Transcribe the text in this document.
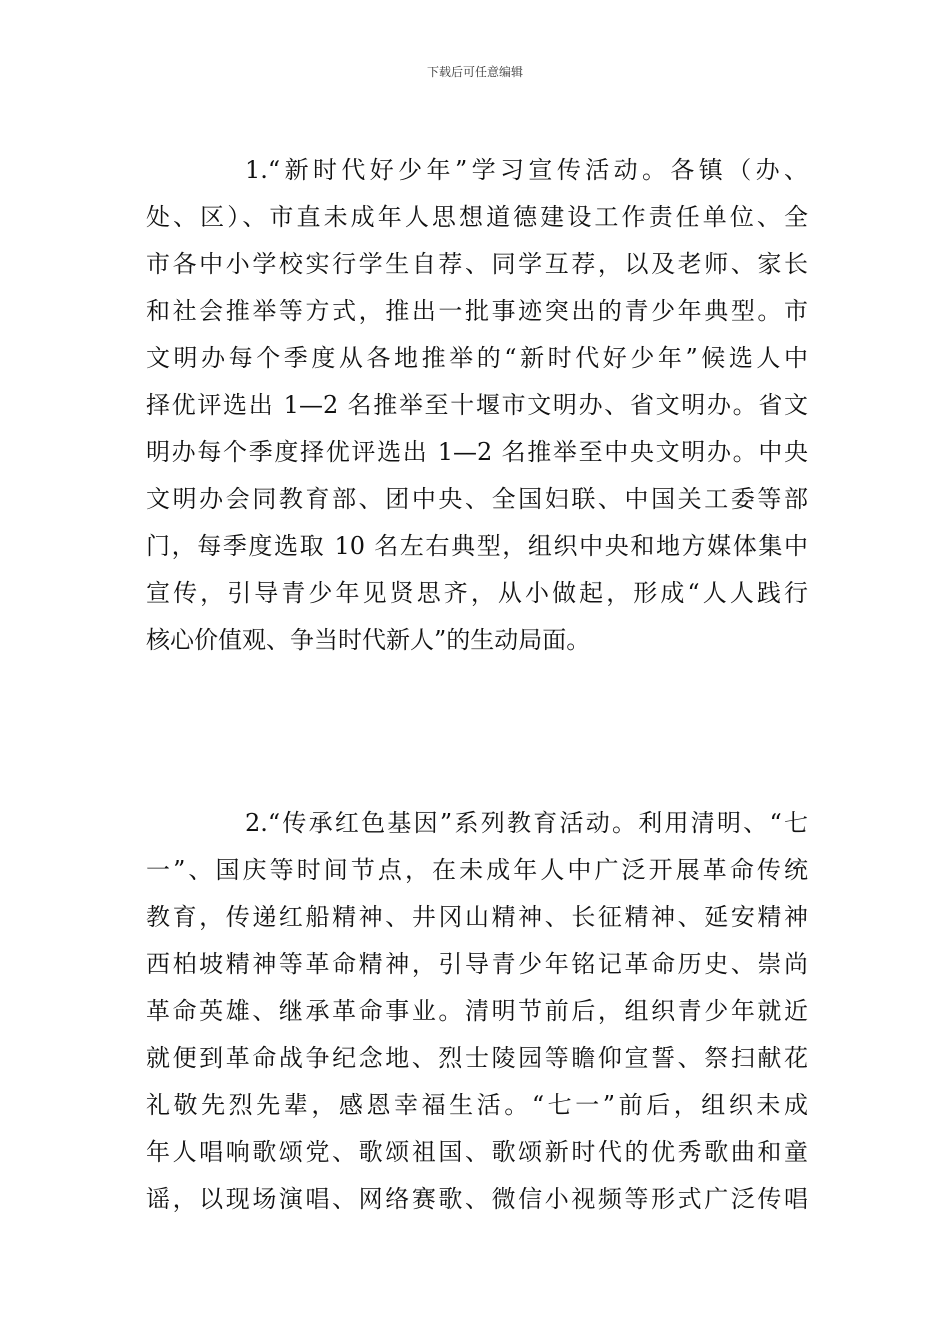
下载后可任意编辑
1.“新时代好少年”学习宣传活动。各镇（办、
处、区）、市直未成年人思想道德建设工作责任单位、全
市各中小学校实行学生自荐、同学互荐，以及老师、家长
和社会推举等方式，推出一批事迹突出的青少年典型。市
文明办每个季度从各地推举的“新时代好少年”候选人中
择优评选出 1—2 名推举至十堰市文明办、省文明办。省文
明办每个季度择优评选出 1—2 名推举至中央文明办。中央
文明办会同教育部、团中央、全国妇联、中国关工委等部
门，每季度选取 10 名左右典型，组织中央和地方媒体集中
宣传，引导青少年见贤思齐，从小做起，形成“人人践行
核心价值观、争当时代新人”的生动局面。
2.“传承红色基因”系列教育活动。利用清明、“七
一”、国庆等时间节点，在未成年人中广泛开展革命传统
教育，传递红船精神、井冈山精神、长征精神、延安精神
西柏坡精神等革命精神，引导青少年铭记革命历史、崇尚
革命英雄、继承革命事业。清明节前后，组织青少年就近
就便到革命战争纪念地、烈士陵园等瞻仰宣誓、祭扫献花
礼敬先烈先辈，感恩幸福生活。“七一”前后，组织未成
年人唱响歌颂党、歌颂祖国、歌颂新时代的优秀歌曲和童
谣，以现场演唱、网络赛歌、微信小视频等形式广泛传唱
